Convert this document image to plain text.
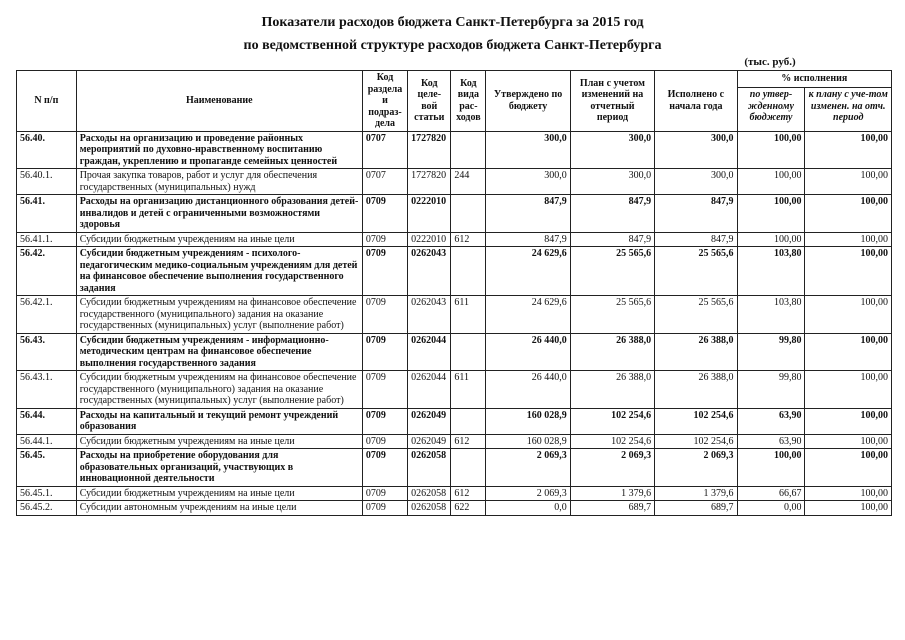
Показатели расходов бюджета Санкт-Петербурга за 2015 год
по ведомственной структуре расходов бюджета Санкт-Петербурга
(тыс. руб.)
N п/п	Наименование	Код раздела и подраз-дела	Код целе-вой статьи	Код вида рас-ходов	Утверждено по бюджету	План с учетом изменений на отчетный период	Исполнено с начала года	% исполнения	
								по утвер-жденному бюджету	к плану с уче-том изменен. на отч. период
56.40.	Расходы на организацию и проведение районных мероприятий по духовно-нравственному воспитанию граждан, укреплению и пропаганде семейных ценностей	0707	1727820		300,0	300,0	300,0	100,00	100,00
56.40.1.	Прочая закупка товаров, работ и услуг для обеспечения государственных (муниципальных) нужд	0707	1727820	244	300,0	300,0	300,0	100,00	100,00
56.41.	Расходы на организацию дистанционного образования детей-инвалидов и детей с ограниченными возможностями здоровья	0709	0222010		847,9	847,9	847,9	100,00	100,00
56.41.1.	Субсидии бюджетным учреждениям на иные цели	0709	0222010	612	847,9	847,9	847,9	100,00	100,00
56.42.	Субсидии бюджетным учреждениям - психолого-педагогическим медико-социальным учреждениям для детей на финансовое обеспечение выполнения государственного задания	0709	0262043		24 629,6	25 565,6	25 565,6	103,80	100,00
56.42.1.	Субсидии бюджетным учреждениям на финансовое обеспечение государственного (муниципального) задания на оказание государственных (муниципальных) услуг (выполнение работ)	0709	0262043	611	24 629,6	25 565,6	25 565,6	103,80	100,00
56.43.	Субсидии бюджетным учреждениям - информационно-методическим центрам на финансовое обеспечение выполнения государственного задания	0709	0262044		26 440,0	26 388,0	26 388,0	99,80	100,00
56.43.1.	Субсидии бюджетным учреждениям на финансовое обеспечение государственного (муниципального) задания на оказание государственных (муниципальных) услуг (выполнение работ)	0709	0262044	611	26 440,0	26 388,0	26 388,0	99,80	100,00
56.44.	Расходы на капитальный и текущий ремонт учреждений образования	0709	0262049		160 028,9	102 254,6	102 254,6	63,90	100,00
56.44.1.	Субсидии бюджетным учреждениям на иные цели	0709	0262049	612	160 028,9	102 254,6	102 254,6	63,90	100,00
56.45.	Расходы на приобретение оборудования для образовательных организаций, участвующих в инновационной деятельности	0709	0262058		2 069,3	2 069,3	2 069,3	100,00	100,00
56.45.1.	Субсидии бюджетным учреждениям на иные цели	0709	0262058	612	2 069,3	1 379,6	1 379,6	66,67	100,00
56.45.2.	Субсидии автономным учреждениям на иные цели	0709	0262058	622	0,0	689,7	689,7	0,00	100,00
